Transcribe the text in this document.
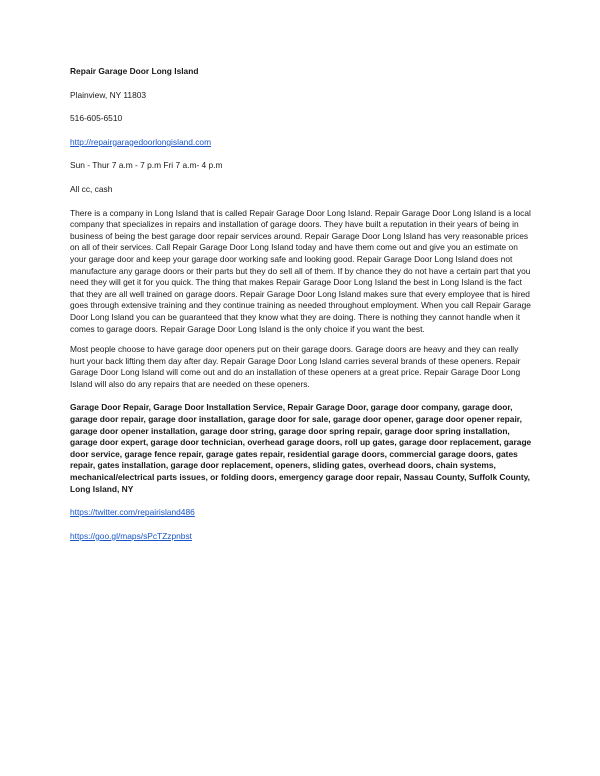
Repair Garage Door Long Island

Plainview, NY 11803

516-605-6510

http://repairgaragedoorlongisland.com

Sun - Thur 7 a.m - 7 p.m Fri 7 a.m- 4 p.m

All cc, cash

There is a company in Long Island that is called Repair Garage Door Long Island. Repair Garage Door Long Island is a local company that specializes in repairs and installation of garage doors. They have built a reputation in their years of being in business of being the best garage door repair services around. Repair Garage Door Long Island has very reasonable prices on all of their services. Call Repair Garage Door Long Island today and have them come out and give you an estimate on your garage door and keep your garage door working safe and looking good. Repair Garage Door Long Island does not manufacture any garage doors or their parts but they do sell all of them. If by chance they do not have a certain part that you need they will get it for you quick. The thing that makes Repair Garage Door Long Island the best in Long Island is the fact that they are all well trained on garage doors. Repair Garage Door Long Island makes sure that every employee that is hired goes through extensive training and they continue training as needed throughout employment. When you call Repair Garage Door Long Island you can be guaranteed that they know what they are doing. There is nothing they cannot handle when it comes to garage doors. Repair Garage Door Long Island is the only choice if you want the best.

Most people choose to have garage door openers put on their garage doors. Garage doors are heavy and they can really hurt your back lifting them day after day. Repair Garage Door Long Island carries several brands of these openers. Repair Garage Door Long Island will come out and do an installation of these openers at a great price. Repair Garage Door Long Island will also do any repairs that are needed on these openers.

Garage Door Repair, Garage Door Installation Service, Repair Garage Door, garage door company, garage door, garage door repair, garage door installation, garage door for sale, garage door opener, garage door opener repair, garage door opener installation, garage door string, garage door spring repair, garage door spring installation, garage door expert, garage door technician, overhead garage doors, roll up gates, garage door replacement, garage door service, garage fence repair, garage gates repair, residential garage doors, commercial garage doors, gates repair, gates installation, garage door replacement, openers, sliding gates, overhead doors, chain systems, mechanical/electrical parts issues, or folding doors, emergency garage door repair, Nassau County, Suffolk County, Long Island, NY

https://twitter.com/repairisland486

https://goo.gl/maps/sPcTZzpnbst
